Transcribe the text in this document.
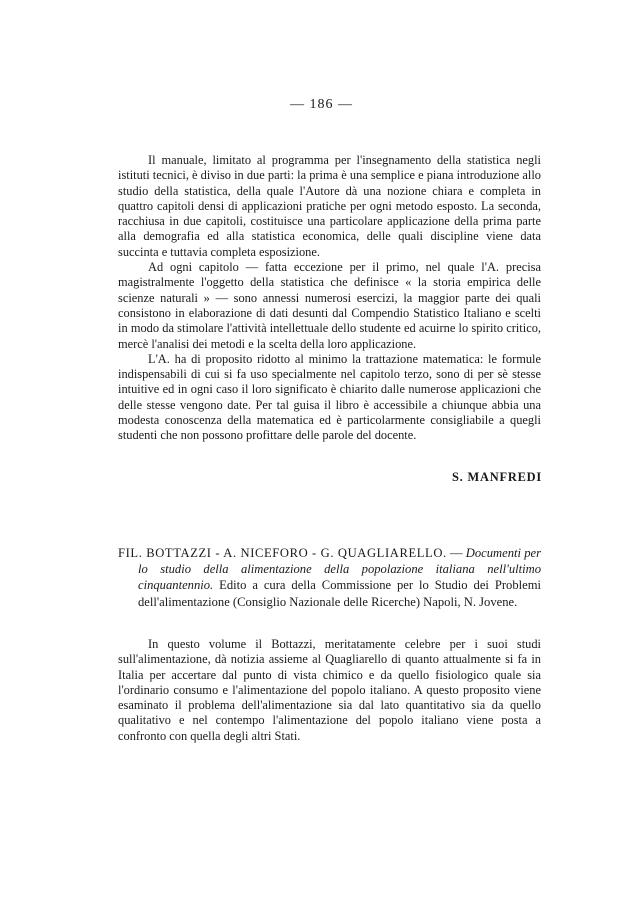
— 186 —

Il manuale, limitato al programma per l'insegnamento della statistica negli istituti tecnici, è diviso in due parti: la prima è una semplice e piana introduzione allo studio della statistica, della quale l'Autore dà una nozione chiara e completa in quattro capitoli densi di applicazioni pratiche per ogni metodo esposto. La seconda, racchiusa in due capitoli, costituisce una particolare applicazione della prima parte alla demografia ed alla statistica economica, delle quali discipline viene data succinta e tuttavia completa esposizione.

Ad ogni capitolo — fatta eccezione per il primo, nel quale l'A. precisa magistralmente l'oggetto della statistica che definisce « la storia empirica delle scienze naturali » — sono annessi numerosi esercizi, la maggior parte dei quali consistono in elaborazione di dati desunti dal Compendio Statistico Italiano e scelti in modo da stimolare l'attività intellettuale dello studente ed acuirne lo spirito critico, mercè l'analisi dei metodi e la scelta della loro applicazione.

L'A. ha di proposito ridotto al minimo la trattazione matematica: le formule indispensabili di cui si fa uso specialmente nel capitolo terzo, sono di per sè stesse intuitive ed in ogni caso il loro significato è chiarito dalle numerose applicazioni che delle stesse vengono date. Per tal guisa il libro è accessibile a chiunque abbia una modesta conoscenza della matematica ed è particolarmente consigliabile a quegli studenti che non possono profittare delle parole del docente.

S. MANFREDI
FIL. BOTTAZZI - A. NICEFORO - G. QUAGLIARELLO. — Documenti per lo studio della alimentazione della popolazione italiana nell'ultimo cinquantennio. Edito a cura della Commissione per lo Studio dei Problemi dell'alimentazione (Consiglio Nazionale delle Ricerche) Napoli, N. Jovene.

In questo volume il Bottazzi, meritatamente celebre per i suoi studi sull'alimentazione, dà notizia assieme al Quagliarello di quanto attualmente si fa in Italia per accertare dal punto di vista chimico e da quello fisiologico quale sia l'ordinario consumo e l'alimentazione del popolo italiano. A questo proposito viene esaminato il problema dell'alimentazione sia dal lato quantitativo sia da quello qualitativo e nel contempo l'alimentazione del popolo italiano viene posta a confronto con quella degli altri Stati.
